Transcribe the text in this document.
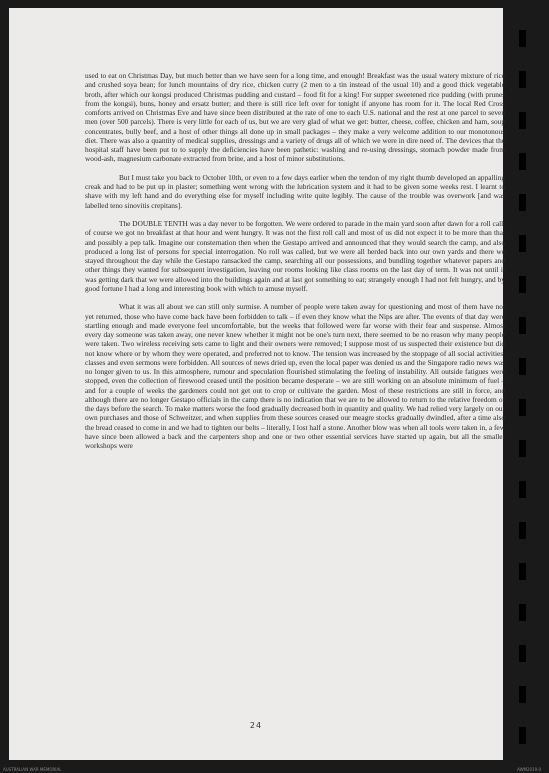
used to eat on Christmas Day, but much better than we have seen for a long time, and enough! Breakfast was the usual watery mixture of rice and crushed soya bean; for lunch mountains of dry rice, chicken curry (2 men to a tin instead of the usual 10) and a good thick vegetable broth, after which our kongsi produced Christmas pudding and custard – food fit for a king! For supper sweetened rice pudding (with prunes from the kongsi), buns, honey and ersatz butter; and there is still rice left over for tonight if anyone has room for it. The local Red Cross comforts arrived on Christmas Eve and have since been distributed at the rate of one to each U.S. national and the rest at one parcel to seven men (over 500 parcels). There is very little for each of us, but we are very glad of what we get: butter, cheese, coffee, chicken and ham, soup concentrates, bully beef, and a host of other things all done up in small packages – they make a very welcome addition to our monotonous diet. There was also a quantity of medical supplies, dressings and a variety of drugs all of which we were in dire need of. The devices that the hospital staff have been put to to supply the deficiencies have been pathetic: washing and re-using dressings, stomach powder made from wood-ash, magnesium carbonate extracted from brine, and a host of minor substitutions.

But I must take you back to October 10th, or even to a few days earlier when the tendon of my right thumb developed an appalling creak and had to be put up in plaster; something went wrong with the lubrication system and it had to be given some weeks rest. I learnt to shave with my left hand and do everything else for myself including write quite legibly. The cause of the trouble was overwork [and was labelled teno sinovitis crepitans].

The DOUBLE TENTH was a day never to be forgotten. We were ordered to parade in the main yard soon after dawn for a roll call, of course we got no breakfast at that hour and went hungry. It was not the first roll call and most of us did not expect it to be more than that and possibly a pep talk. Imagine our consternation then when the Gestapo arrived and announced that they would search the camp, and also produced a long list of persons for special interrogation. No roll was called, but we were all herded back into our own yards and there we stayed throughout the day while the Gestapo ransacked the camp, searching all our possessions, and bundling together whatever papers and other things they wanted for subsequent investigation, leaving our rooms looking like class rooms on the last day of term. It was not until it was getting dark that we were allowed into the buildings again and at last got something to eat; strangely enough I had not felt hungry, and by good fortune I had a long and interesting book with which to amuse myself.

What it was all about we can still only surmise. A number of people were taken away for questioning and most of them have not yet returned, those who have come back have been forbidden to talk – if even they know what the Nips are after. The events of that day were startling enough and made everyone feel uncomfortable, but the weeks that followed were far worse with their fear and suspense. Almost every day someone was taken away, one never knew whether it might not be one's turn next, there seemed to be no reason why many people were taken. Two wireless receiving sets came to light and their owners were removed; I suppose most of us suspected their existence but did not know where or by whom they were operated, and preferred not to know. The tension was increased by the stoppage of all social activities, classes and even sermons were forbidden. All sources of news dried up, even the local paper was denied us and the Singapore radio news was no longer given to us. In this atmosphere, rumour and speculation flourished stimulating the feeling of instability. All outside fatigues were stopped, even the collection of firewood ceased until the position became desperate – we are still working on an absolute minimum of fuel – and for a couple of weeks the gardeners could not get out to crop or cultivate the garden. Most of these restrictions are still in force, and although there are no longer Gestapo officials in the camp there is no indication that we are to be allowed to return to the relative freedom of the days before the search. To make matters worse the food gradually decreased both in quantity and quality. We had relied very largely on our own purchases and those of Schweitzer, and when supplies from these sources ceased our meagre stocks gradually dwindled, after a time also the bread ceased to come in and we had to tighten our belts – literally, I lost half a stone. Another blow was when all tools were taken in, a few have since been allowed a back and the carpenters shop and one or two other essential services have started up again, but all the smaller workshops were

24
AUSTRALIAN WAR MEMORIAL	AWM2019.0
